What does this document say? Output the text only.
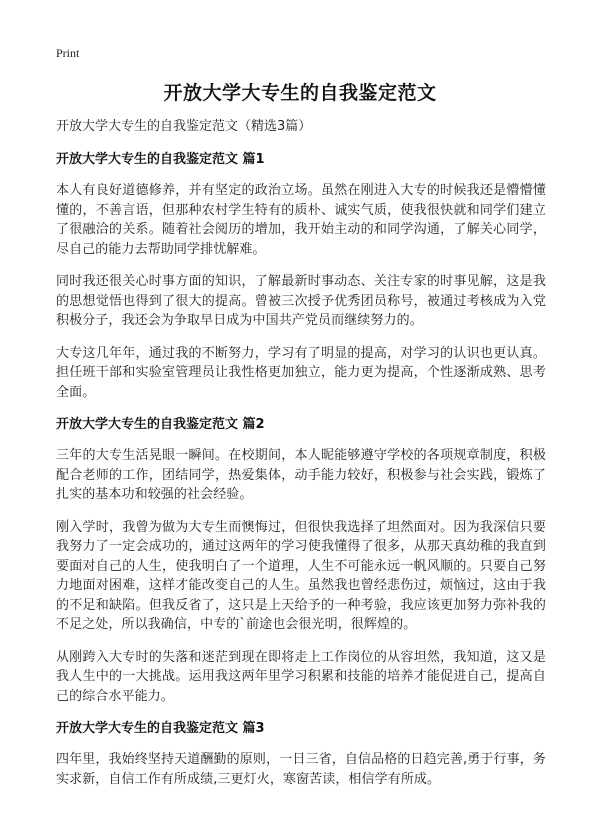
Print
开放大学大专生的自我鉴定范文

开放大学大专生的自我鉴定范文（精选3篇）

开放大学大专生的自我鉴定范文 篇1

本人有良好道德修养，并有坚定的政治立场。虽然在刚进入大专的时候我还是懵懵懂懂的，不善言语，但那种农村学生特有的质朴、诚实气质，使我很快就和同学们建立了很融洽的关系。随着社会阅历的增加，我开始主动的和同学沟通，了解关心同学，尽自己的能力去帮助同学排忧解难。

同时我还很关心时事方面的知识，了解最新时事动态、关注专家的时事见解，这是我的思想觉悟也得到了很大的提高。曾被三次授予优秀团员称号，被通过考核成为入党积极分子，我还会为争取早日成为中国共产党员而继续努力的。

大专这几年年，通过我的不断努力，学习有了明显的提高，对学习的认识也更认真。担任班干部和实验室管理员让我性格更加独立，能力更为提高，个性逐渐成熟、思考全面。

开放大学大专生的自我鉴定范文 篇2

三年的大专生活晃眼一瞬间。在校期间，本人昵能够遵守学校的各项规章制度，积极配合老师的工作，团结同学，热爱集体，动手能力较好，积极参与社会实践，锻炼了扎实的基本功和较强的社会经验。

刚入学时，我曾为做为大专生而懊悔过，但很快我选择了坦然面对。因为我深信只要我努力了一定会成功的，通过这两年的学习使我懂得了很多，从那天真幼稚的我直到要面对自己的人生，使我明白了一个道理，人生不可能永远一帆风顺的。只要自己努力地面对困难，这样才能改变自己的人生。虽然我也曾经悲伤过，烦恼过，这由于我的不足和缺陷。但我反省了，这只是上天给予的一种考验，我应该更加努力弥补我的不足之处，所以我确信，中专的`前途也会很光明，很辉煌的。

从刚跨入大专时的失落和迷茫到现在即将走上工作岗位的从容坦然，我知道，这又是我人生中的一大挑战。运用我这两年里学习积累和技能的培养才能促进自己，提高自己的综合水平能力。

开放大学大专生的自我鉴定范文 篇3

四年里，我始终坚持天道酬勤的原则，一日三省，自信品格的日趋完善,勇于行事，务实求新，自信工作有所成绩,三更灯火，寒窗苦读，相信学有所成。
